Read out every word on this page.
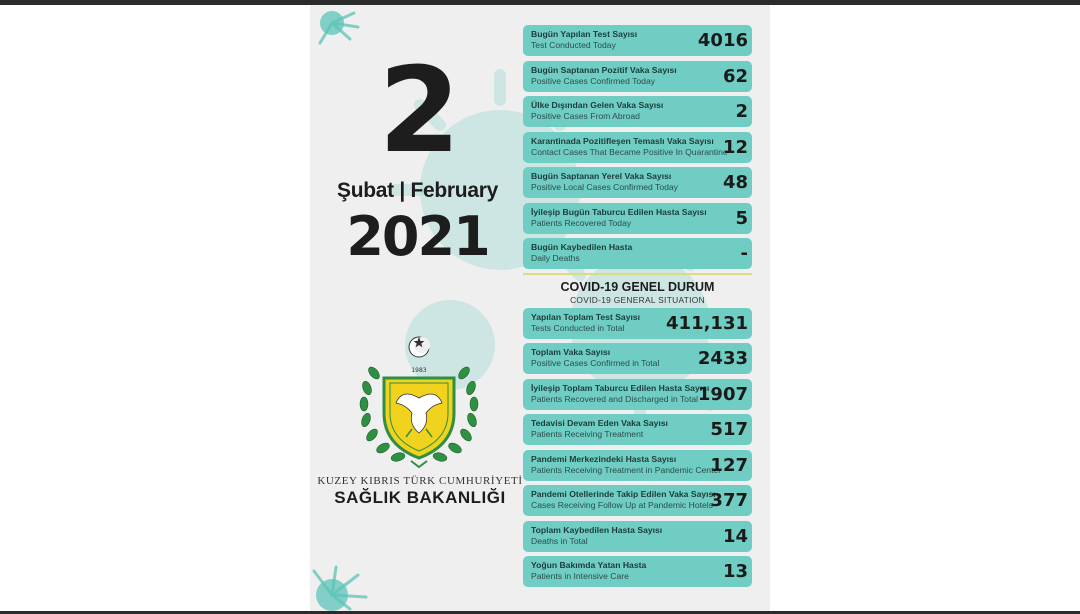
2
Şubat | February
2021
1983
KUZEY KIBRIS TÜRK CUMHURİYETİ
SAĞLIK BAKANLIĞI
Bugün Yapılan Test Sayısı
Test Conducted Today	4016
Bugün Saptanan Pozitif Vaka Sayısı
Positive Cases Confirmed Today	62
Ülke Dışından Gelen Vaka Sayısı
Positive Cases From Abroad	2
Karantinada Pozitifleşen Temaslı Vaka Sayısı
Contact Cases That Became Positive In Quarantine
12
Bugün Saptanan Yerel Vaka Sayısı
Positive Local Cases Confirmed Today	48
İyileşip Bugün Taburcu Edilen Hasta Sayısı
Patients Recovered Today	5
Bugün Kaybedilen Hasta
Daily Deaths	-
COVID-19 GENEL DURUM
COVID-19 GENERAL SITUATION
Yapılan Toplam Test Sayısı
Tests Conducted in Total	411,131
Toplam Vaka Sayısı
Positive Cases Confirmed in Total	2433
İyileşip Toplam Taburcu Edilen Hasta Sayısı
Patients Recovered and Discharged in Total 1907
Tedavisi Devam Eden Vaka Sayısı
Patients Receiving Treatment	517
Pandemi Merkezindeki Hasta Sayısı
Patients Receiving Treatment in Pandemic Center
127
Pandemi Otellerinde Takip Edilen Vaka Sayısı
Cases Receiving Follow Up at Pandemic Hotels
377
Toplam Kaybedilen Hasta Sayısı
Deaths in Total	14
Yoğun Bakımda Yatan Hasta
Patients in Intensive Care	13
